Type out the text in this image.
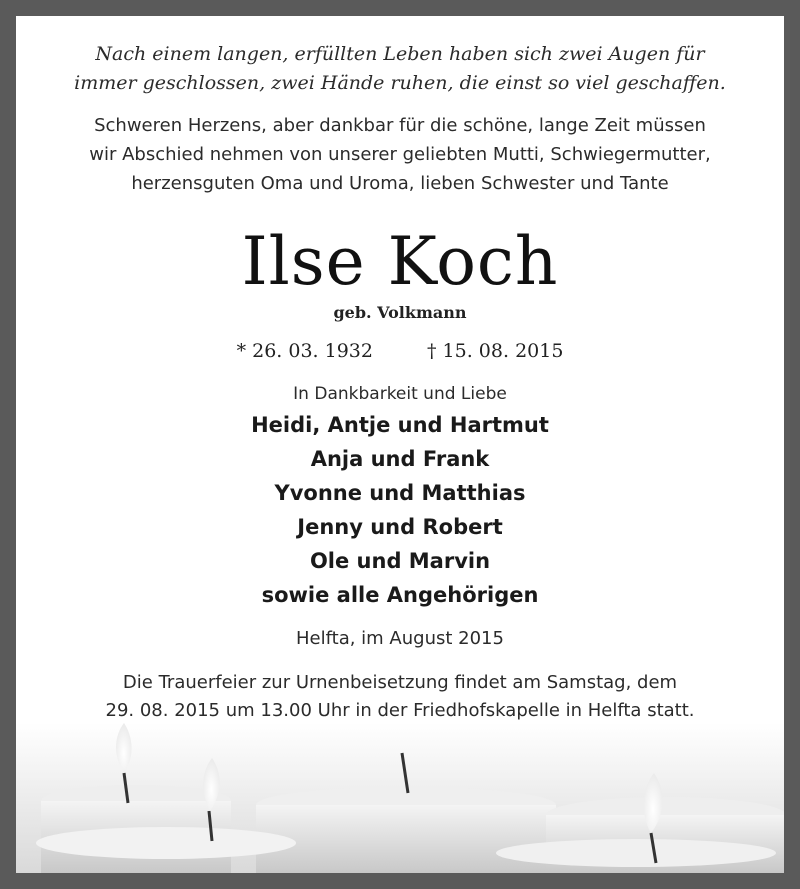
Nach einem langen, erfüllten Leben haben sich zwei Augen für
immer geschlossen, zwei Hände ruhen, die einst so viel geschaffen.
Schweren Herzens, aber dankbar für die schöne, lange Zeit müssen
wir Abschied nehmen von unserer geliebten Mutti, Schwiegermutter,
herzensguten Oma und Uroma, lieben Schwester und Tante
Ilse Koch
geb. Volkmann
* 26. 03. 1932	† 15. 08. 2015
In Dankbarkeit und Liebe
Heidi, Antje und Hartmut
Anja und Frank
Yvonne und Matthias
Jenny und Robert
Ole und Marvin
sowie alle Angehörigen
Helfta, im August 2015
Die Trauerfeier zur Urnenbeisetzung findet am Samstag, dem
29. 08. 2015 um 13.00 Uhr in der Friedhofskapelle in Helfta statt.
